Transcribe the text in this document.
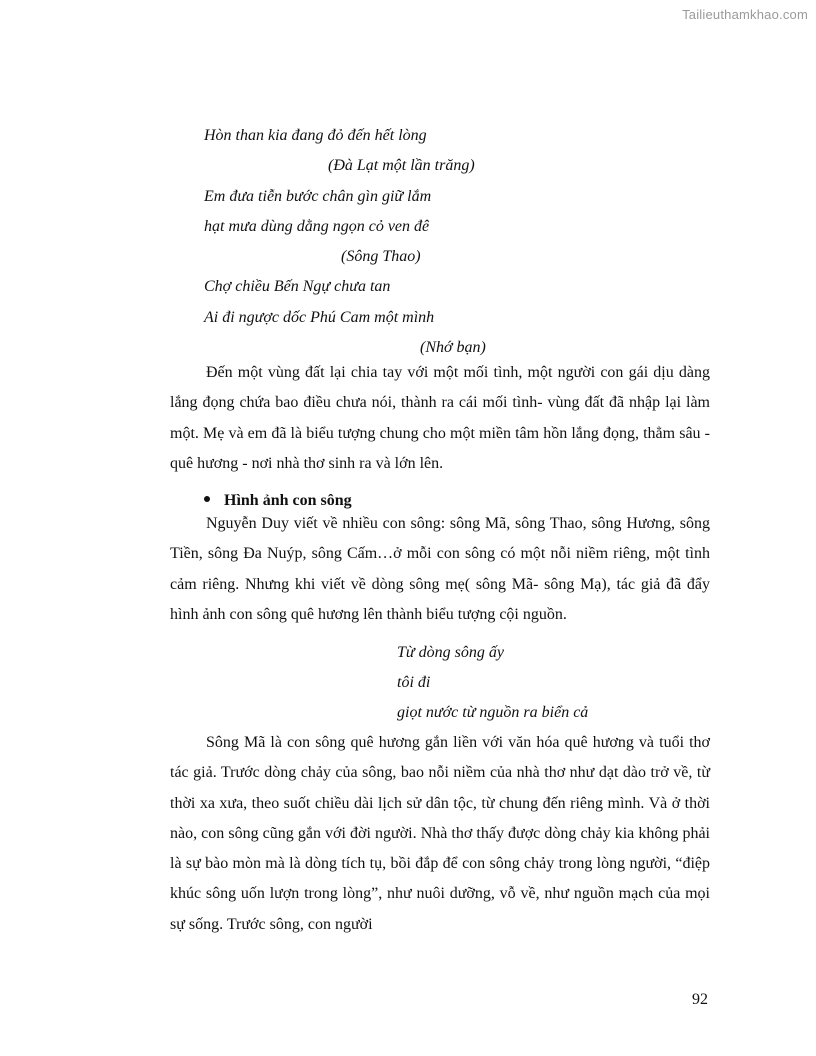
Tailieuthamkhao.com
Hòn than kia đang đỏ đến hết lòng
(Đà Lạt một lần trăng)
Em đưa tiễn bước chân gìn giữ lắm
hạt mưa dùng dằng ngọn cỏ ven đê
(Sông Thao)
Chợ chiều Bến Ngự chưa tan
Ai đi ngược dốc Phú Cam một mình
(Nhớ bạn)

Đến một vùng đất lại chia tay với một mối tình, một người con gái dịu dàng lắng đọng chứa bao điều chưa nói, thành ra cái mối tình- vùng đất đã nhập lại làm một. Mẹ và em đã là biểu tượng chung cho một miền tâm hồn lắng đọng, thẳm sâu - quê hương - nơi nhà thơ sinh ra và lớn lên.

Hình ảnh con sông

Nguyễn Duy viết về nhiều con sông: sông Mã, sông Thao, sông Hương, sông Tiền, sông Đa Nuýp, sông Cấm…ở mỗi con sông có một nỗi niềm riêng, một tình cảm riêng. Nhưng khi viết về dòng sông mẹ( sông Mã- sông Mạ), tác giả đã đẩy hình ảnh con sông quê hương lên thành biểu tượng cội nguồn.

Từ dòng sông ấy
tôi đi
giọt nước từ nguồn ra biển cả

Sông Mã là con sông quê hương gắn liền với văn hóa quê hương và tuổi thơ tác giả. Trước dòng chảy của sông, bao nỗi niềm của nhà thơ như dạt dào trở về, từ thời xa xưa, theo suốt chiều dài lịch sử dân tộc, từ chung đến riêng mình. Và ở thời nào, con sông cũng gắn với đời người. Nhà thơ thấy được dòng chảy kia không phải là sự bào mòn mà là dòng tích tụ, bồi đắp để con sông chảy trong lòng người, “điệp khúc sông uốn lượn trong lòng”, như nuôi dưỡng, vỗ về, như nguồn mạch của mọi sự sống. Trước sông, con người

92
